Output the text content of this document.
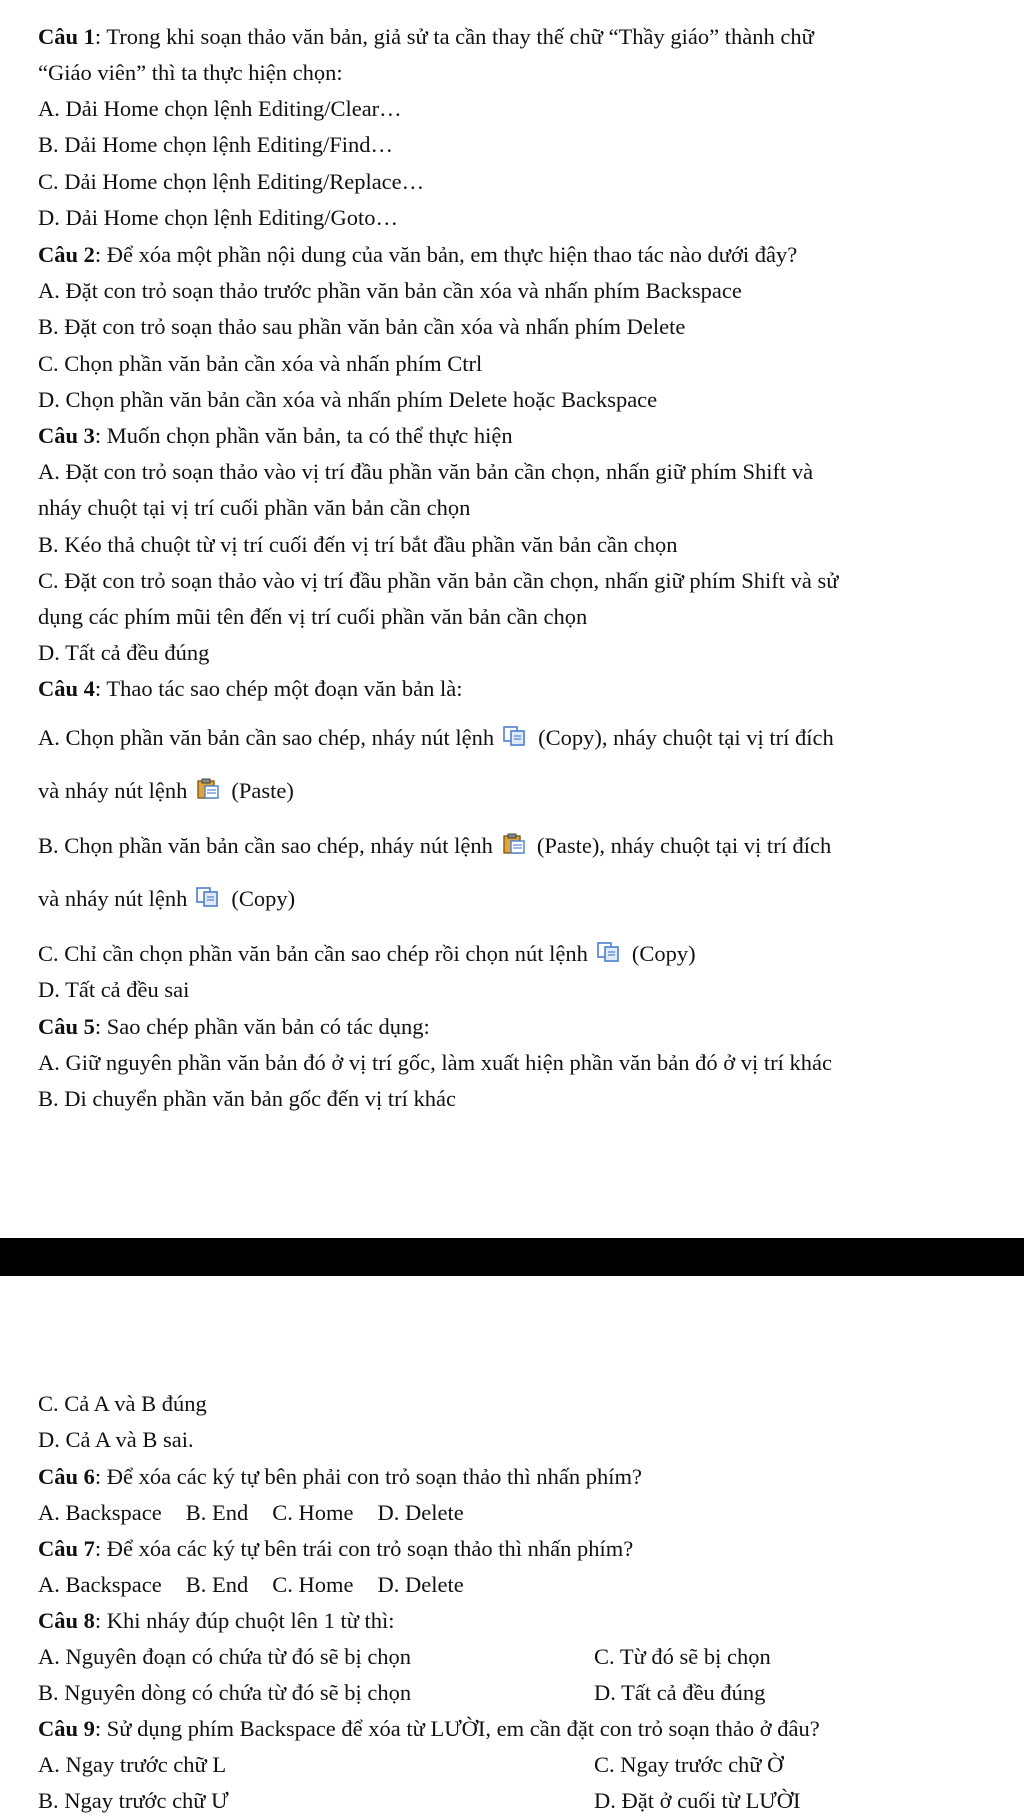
Câu 1: Trong khi soạn thảo văn bản, giả sử ta cần thay thế chữ “Thầy giáo” thành chữ
“Giáo viên” thì ta thực hiện chọn:
A. Dải Home chọn lệnh Editing/Clear…
B. Dải Home chọn lệnh Editing/Find…
C. Dải Home chọn lệnh Editing/Replace…
D. Dải Home chọn lệnh Editing/Goto…
Câu 2: Để xóa một phần nội dung của văn bản, em thực hiện thao tác nào dưới đây?
A. Đặt con trỏ soạn thảo trước phần văn bản cần xóa và nhấn phím Backspace
B. Đặt con trỏ soạn thảo sau phần văn bản cần xóa và nhấn phím Delete
C. Chọn phần văn bản cần xóa và nhấn phím Ctrl
D. Chọn phần văn bản cần xóa và nhấn phím Delete hoặc Backspace
Câu 3: Muốn chọn phần văn bản, ta có thể thực hiện
A. Đặt con trỏ soạn thảo vào vị trí đầu phần văn bản cần chọn, nhấn giữ phím Shift và
nháy chuột tại vị trí cuối phần văn bản cần chọn
B. Kéo thả chuột từ vị trí cuối đến vị trí bắt đầu phần văn bản cần chọn
C. Đặt con trỏ soạn thảo vào vị trí đầu phần văn bản cần chọn, nhấn giữ phím Shift và sử
dụng các phím mũi tên đến vị trí cuối phần văn bản cần chọn
D. Tất cả đều đúng
Câu 4: Thao tác sao chép một đoạn văn bản là:
A. Chọn phần văn bản cần sao chép, nháy nút lệnh (Copy), nháy chuột tại vị trí đích
và nháy nút lệnh (Paste)
B. Chọn phần văn bản cần sao chép, nháy nút lệnh (Paste), nháy chuột tại vị trí đích
và nháy nút lệnh (Copy)
C. Chỉ cần chọn phần văn bản cần sao chép rồi chọn nút lệnh (Copy)
D. Tất cả đều sai
Câu 5: Sao chép phần văn bản có tác dụng:
A. Giữ nguyên phần văn bản đó ở vị trí gốc, làm xuất hiện phần văn bản đó ở vị trí khác
B. Di chuyển phần văn bản gốc đến vị trí khác
C. Cả A và B đúng
D. Cả A và B sai.
Câu 6: Để xóa các ký tự bên phải con trỏ soạn thảo thì nhấn phím?
A. Backspace B. End C. Home D. Delete
Câu 7: Để xóa các ký tự bên trái con trỏ soạn thảo thì nhấn phím?
A. Backspace B. End C. Home D. Delete
Câu 8: Khi nháy đúp chuột lên 1 từ thì:
A. Nguyên đoạn có chứa từ đó sẽ bị chọn	C. Từ đó sẽ bị chọn
B. Nguyên dòng có chứa từ đó sẽ bị chọn	D. Tất cả đều đúng
Câu 9: Sử dụng phím Backspace để xóa từ LƯỜI, em cần đặt con trỏ soạn thảo ở đâu?
A. Ngay trước chữ L	C. Ngay trước chữ Ờ
B. Ngay trước chữ Ư	D. Đặt ở cuối từ LƯỜI
